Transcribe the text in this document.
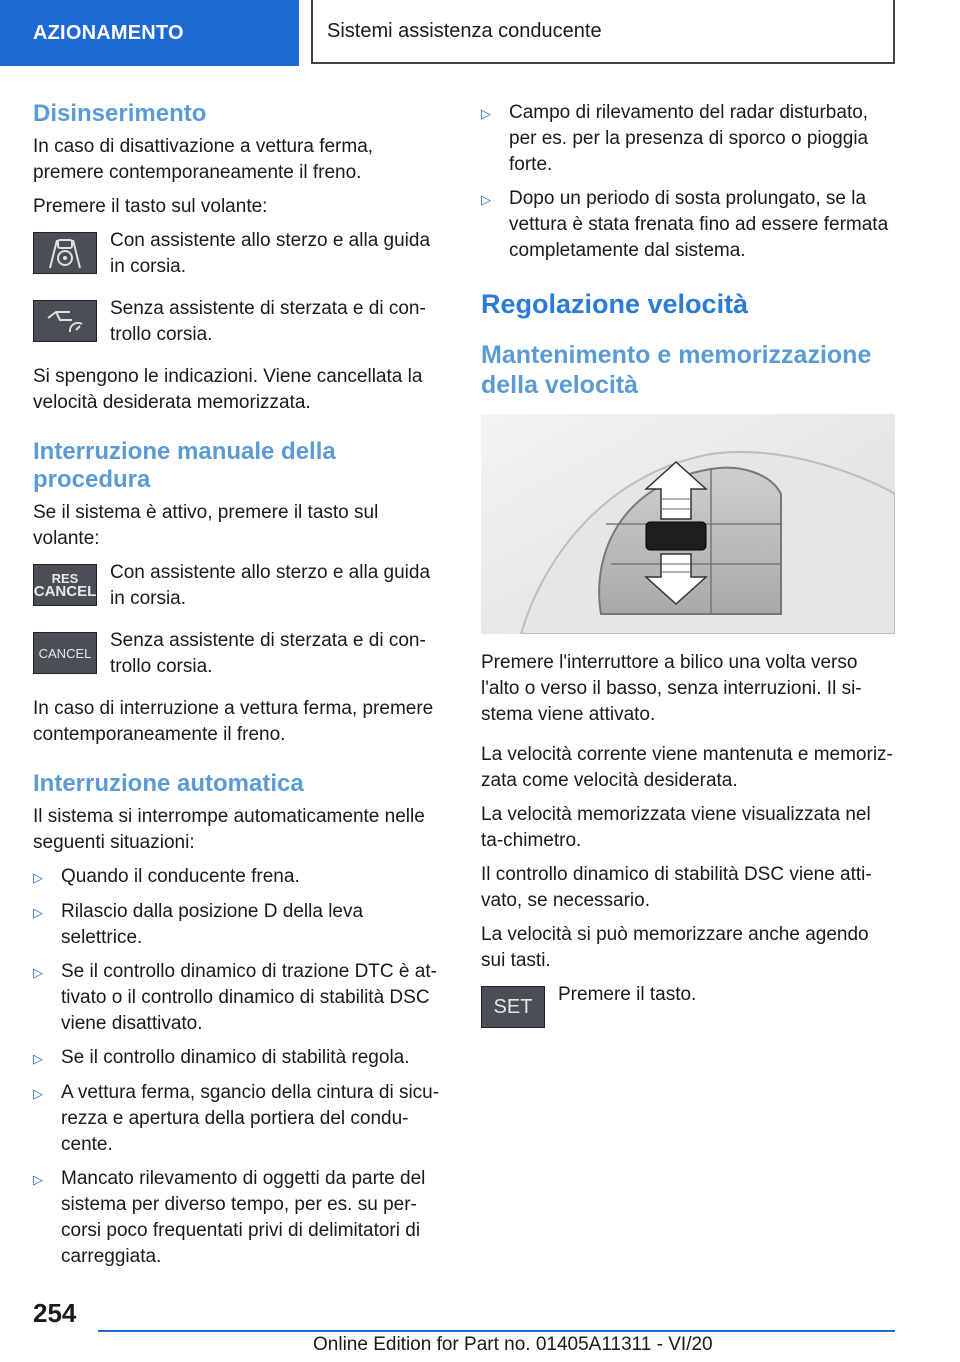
AZIONAMENTO	Sistemi assistenza conducente
Disinserimento

In caso di disattivazione a vettura ferma, premere contemporaneamente il freno.

Premere il tasto sul volante:

Con assistente allo sterzo e alla guida in corsia.

Senza assistente di sterzata e di con-trollo corsia.

Si spengono le indicazioni. Viene cancellata la velocità desiderata memorizzata.

Interruzione manuale della procedura

Se il sistema è attivo, premere il tasto sul volante:

RES
CANCEL

Con assistente allo sterzo e alla guida in corsia.

CANCEL

Senza assistente di sterzata e di con-trollo corsia.

In caso di interruzione a vettura ferma, premere contemporaneamente il freno.

Interruzione automatica

Il sistema si interrompe automaticamente nelle seguenti situazioni:

▷ Quando il conducente frena.
▷ Rilascio dalla posizione D della leva selettrice.
▷ Se il controllo dinamico di trazione DTC è at-tivato o il controllo dinamico di stabilità DSC viene disattivato.
▷ Se il controllo dinamico di stabilità regola.
▷ A vettura ferma, sgancio della cintura di sicu-rezza e apertura della portiera del condu-cente.
▷ Mancato rilevamento di oggetti da parte del sistema per diverso tempo, per es. su per-corsi poco frequentati privi di delimitatori di carreggiata.
▷ Campo di rilevamento del radar disturbato, per es. per la presenza di sporco o pioggia forte.
▷ Dopo un periodo di sosta prolungato, se la vettura è stata frenata fino ad essere fermata completamente dal sistema.
Regolazione velocità
Mantenimento e memorizzazione della velocità

Premere l'interruttore a bilico una volta verso l'alto o verso il basso, senza interruzioni. Il si-stema viene attivato.

La velocità corrente viene mantenuta e memoriz-zata come velocità desiderata.

La velocità memorizzata viene visualizzata nel ta-chimetro.

Il controllo dinamico di stabilità DSC viene atti-vato, se necessario.

La velocità si può memorizzare anche agendo sui tasti.

SET

Premere il tasto.

254
Online Edition for Part no. 01405A11311 - VI/20
